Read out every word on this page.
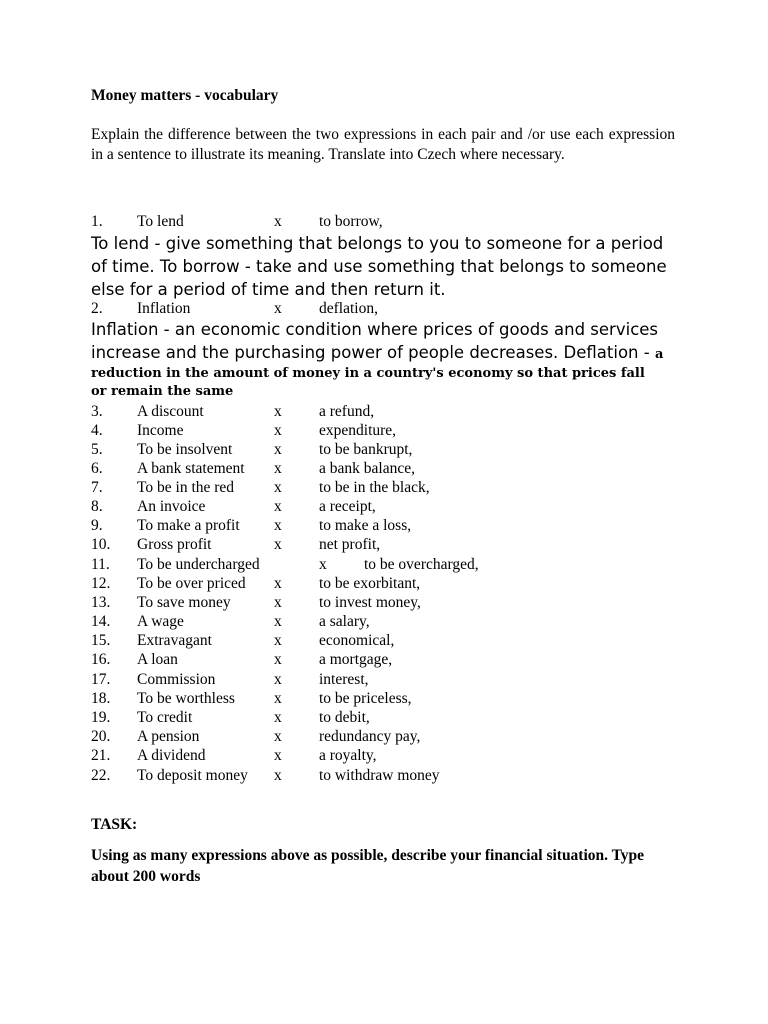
Money matters - vocabulary
Explain the difference between the two expressions in each pair and /or use each expression in a sentence to illustrate its meaning. Translate into Czech where necessary.
1. To lend	x to borrow,
To lend - give something that belongs to you to someone for a period of time. To borrow - take and use something that belongs to someone else for a period of time and then return it.
2. Inflation	x deflation,
Inflation - an economic condition where prices of goods and services increase and the purchasing power of people decreases. Deflation - a
reduction in the amount of money in a country's economy so that prices fall
or remain the same
3. A discount	x a refund,
4. Income	x expenditure,
5. To be insolvent	x to be bankrupt,
6. A bank statement x a bank balance,
7. To be in the red	x to be in the black,
8. An invoice	x a receipt,
9. To make a profit x to make a loss,
10. Gross profit	x net profit,
11. To be undercharged	x to be overcharged,
12. To be over priced x to be exorbitant,
13. To save money	x to invest money,
14. A wage	x a salary,
15. Extravagant	x economical,
16. A loan	x a mortgage,
17. Commission	x interest,
18. To be worthless	x to be priceless,
19. To credit	x to debit,
20. A pension	x redundancy pay,
21. A dividend	x a royalty,
22. To deposit money x to withdraw money
TASK:
Using as many expressions above as possible, describe your financial situation. Type about 200 words
